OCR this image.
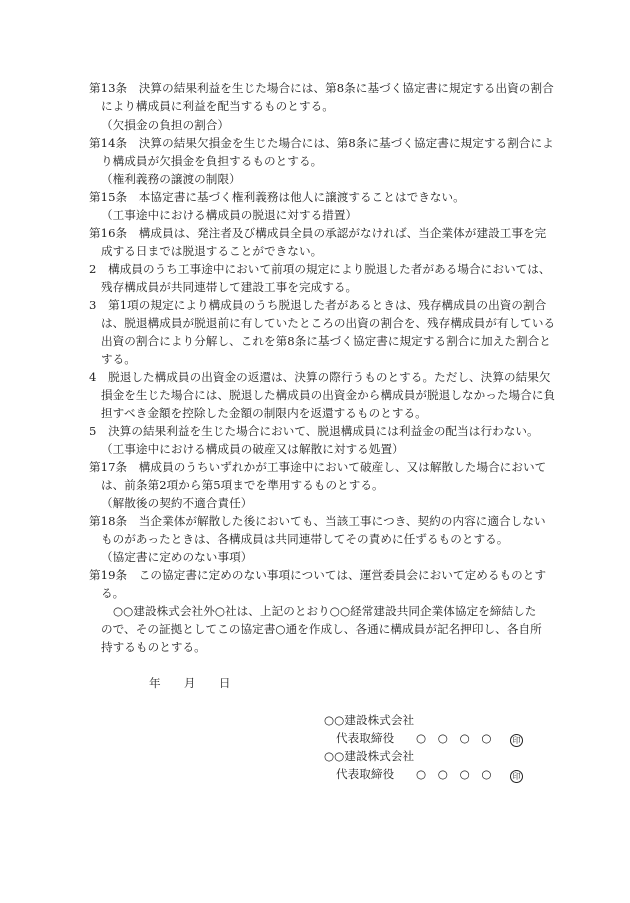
第13条　決算の結果利益を生じた場合には、第8条に基づく協定書に規定する出資の割合
により構成員に利益を配当するものとする。
（欠損金の負担の割合）
第14条　決算の結果欠損金を生じた場合には、第8条に基づく協定書に規定する割合によ
り構成員が欠損金を負担するものとする。
（権利義務の譲渡の制限）
第15条　本協定書に基づく権利義務は他人に譲渡することはできない。
（工事途中における構成員の脱退に対する措置）
第16条　構成員は、発注者及び構成員全員の承認がなければ、当企業体が建設工事を完
成する日までは脱退することができない。
2　構成員のうち工事途中において前項の規定により脱退した者がある場合においては、
残存構成員が共同連帯して建設工事を完成する。
3　第1項の規定により構成員のうち脱退した者があるときは、残存構成員の出資の割合
は、脱退構成員が脱退前に有していたところの出資の割合を、残存構成員が有している
出資の割合により分解し、これを第8条に基づく協定書に規定する割合に加えた割合と
する。
4　脱退した構成員の出資金の返還は、決算の際行うものとする。ただし、決算の結果欠
損金を生じた場合には、脱退した構成員の出資金から構成員が脱退しなかった場合に負
担すべき金額を控除した金額の制限内を返還するものとする。
5　決算の結果利益を生じた場合において、脱退構成員には利益金の配当は行わない。
（工事途中における構成員の破産又は解散に対する処置）
第17条　構成員のうちいずれかが工事途中において破産し、又は解散した場合において
は、前条第2項から第5項までを準用するものとする。
（解散後の契約不適合責任）
第18条　当企業体が解散した後においても、当該工事につき、契約の内容に適合しない
ものがあったときは、各構成員は共同連帯してその責めに任ずるものとする。
（協定書に定めのない事項）
第19条　この協定書に定めのない事項については、運営委員会において定めるものとす
る。
○○建設株式会社外○社は、上記のとおり○○経常建設共同企業体協定を締結した
ので、その証拠としてこの協定書○通を作成し、各通に構成員が記名押印し、各自所
持するものとする。
年　　月　　日
○○建設株式会社
代表取締役 ○　○　○　○	印
○○建設株式会社
代表取締役 ○　○　○　○	印
